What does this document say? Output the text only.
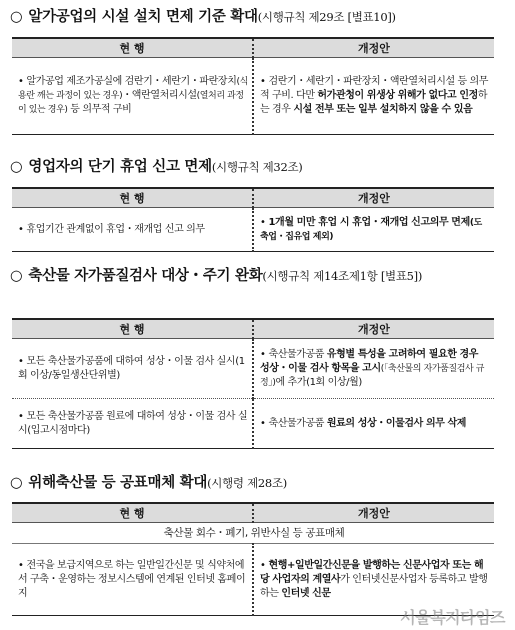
○ 알가공업의 시설 설치 면제 기준 확대(시행규칙 제29조 [별표10])
현 행	개정안
• 알가공업 제조가공실에 검란기・세란기・파란장치(식용란 깨는 과정이 있는 경우)・액란열처리시설(열처리 과정이 있는 경우) 등 의무적 구비	• 검란기・세란기・파란장치・액란열처리시설 등 의무적 구비. 다만 허가관청이 위생상 위해가 없다고 인정하는 경우 시설 전부 또는 일부 설치하지 않을 수 있음
○ 영업자의 단기 휴업 신고 면제(시행규칙 제32조)
현 행	개정안
• 휴업기간 관계없이 휴업・재개업 신고 의무	• 1개월 미만 휴업 시 휴업・재개업 신고의무 면제(도축업・집유업 제외)
○ 축산물 자가품질검사 대상・주기 완화(시행규칙 제14조제1항 [별표5])
현 행	개정안
• 모든 축산물가공품에 대하여 성상・이물 검사 실시(1회 이상/동일생산단위별)	• 축산물가공품 유형별 특성을 고려하여 필요한 경우 성상・이물 검사 항목을 고시(「축산물의 자가품질검사 규정」)에 추가(1회 이상/월)
• 모든 축산물가공품 원료에 대하여 성상・이물 검사 실시(입고시점마다)	• 축산물가공품 원료의 성상・이물검사 의무 삭제
○ 위해축산물 등 공표매체 확대(시행령 제28조)
현 행	개정안
축산물 회수・폐기, 위반사실 등 공표매체	
• 전국을 보급지역으로 하는 일반일간신문 및 식약처에서 구축・운영하는 정보시스템에 연계된 인터넷 홈페이지	• 현행+일반일간신문을 발행하는 신문사업자 또는 해당 사업자의 계열사가 인터넷신문사업자 등록하고 발행하는 인터넷 신문
서울복지타임즈
